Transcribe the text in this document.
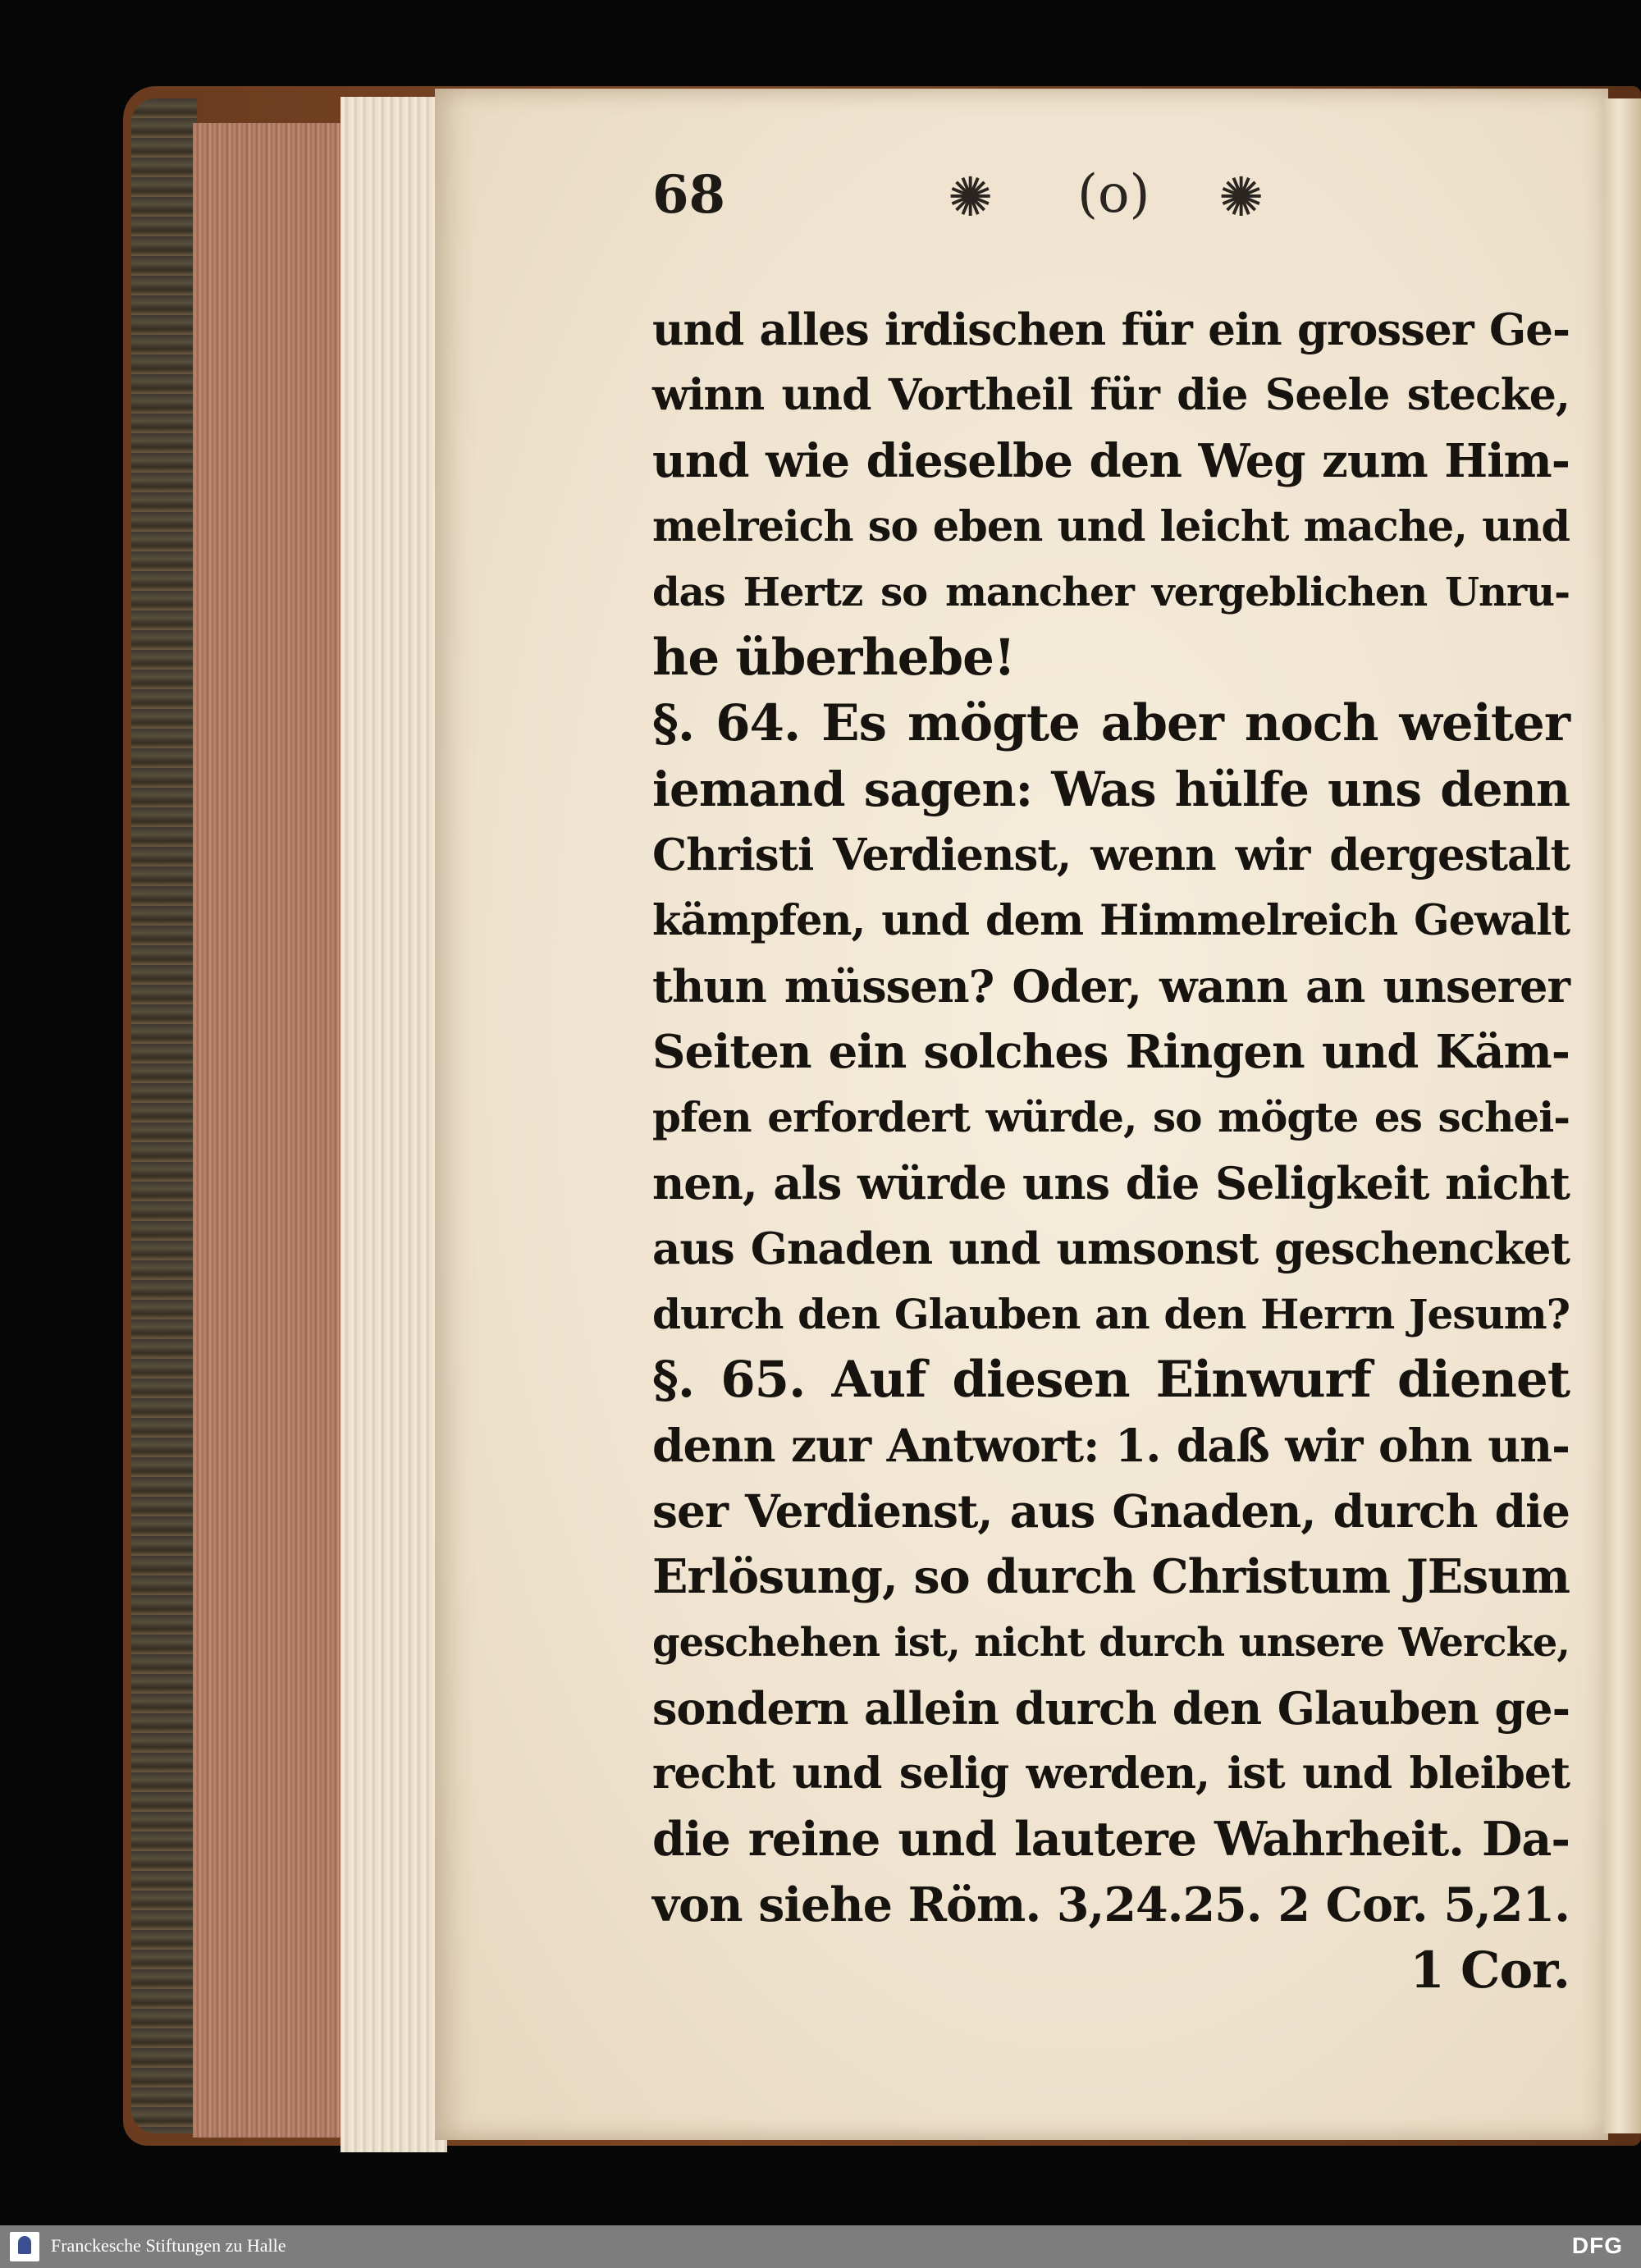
68	✺ (o) ✺
und alles irdischen für ein grosser Ge-
winn und Vortheil für die Seele stecke,
und wie dieselbe den Weg zum Him-
melreich so eben und leicht mache, und
das Hertz so mancher vergeblichen Unru-
he überhebe!
§. 64. Es mögte aber noch weiter
iemand sagen: Was hülfe uns denn
Christi Verdienst, wenn wir dergestalt
kämpfen, und dem Himmelreich Gewalt
thun müssen? Oder, wann an unserer
Seiten ein solches Ringen und Käm-
pfen erfordert würde, so mögte es schei-
nen, als würde uns die Seligkeit nicht
aus Gnaden und umsonst geschencket
durch den Glauben an den Herrn Jesum?
§. 65. Auf diesen Einwurf dienet
denn zur Antwort: 1. daß wir ohn un-
ser Verdienst, aus Gnaden, durch die
Erlösung, so durch Christum JEsum
geschehen ist, nicht durch unsere Wercke,
sondern allein durch den Glauben ge-
recht und selig werden, ist und bleibet
die reine und lautere Wahrheit. Da-
von siehe Röm. 3,24.25. 2 Cor. 5,21.
1 Cor.
Franckesche Stiftungen zu Halle	DFG
